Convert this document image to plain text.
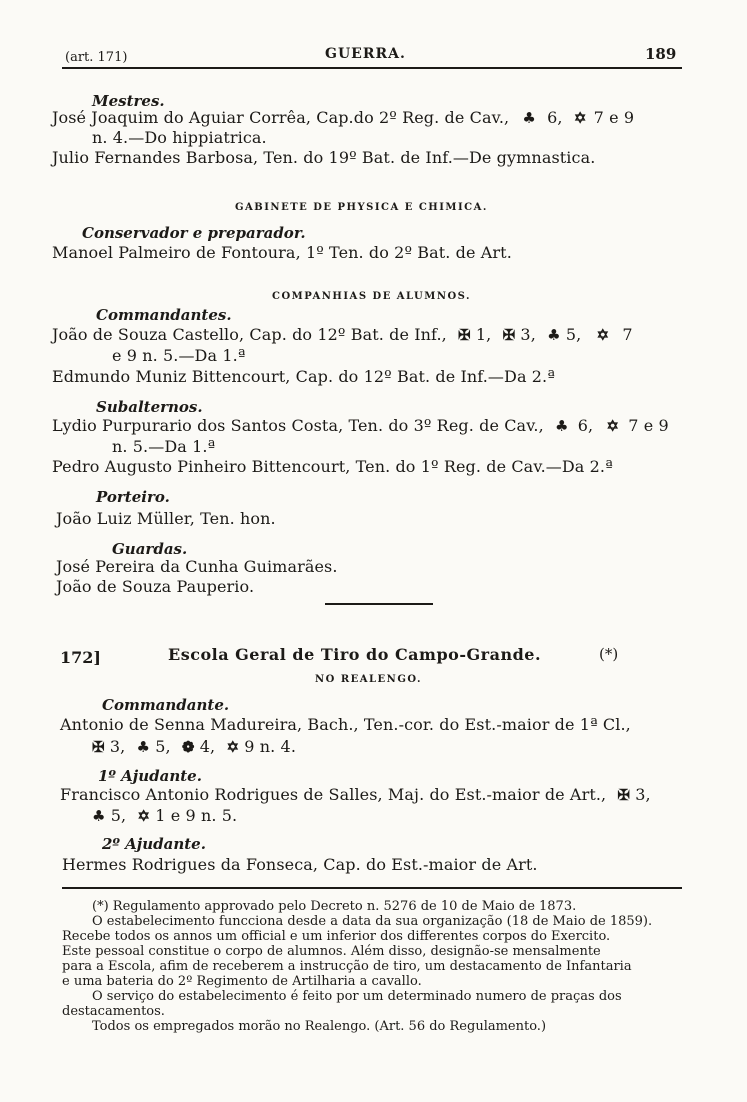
(art. 171)	GUERRA.	189
Mestres.
José Joaquim do Aguiar Corrêa, Cap.do 2º Reg. de Cav., ♣ 6, ✡ 7 e 9
n. 4.—Do hippiatrica.
Julio Fernandes Barbosa, Ten. do 19º Bat. de Inf.—De gymnastica.
GABINETE DE PHYSICA E CHIMICA.
Conservador e preparador.
Manoel Palmeiro de Fontoura, 1º Ten. do 2º Bat. de Art.
COMPANHIAS DE ALUMNOS.
Commandantes.
João de Souza Castello, Cap. do 12º Bat. de Inf., ✠ 1, ✠ 3, ♣ 5, ✡ 7
e 9 n. 5.—Da 1.ª
Edmundo Muniz Bittencourt, Cap. do 12º Bat. de Inf.—Da 2.ª
Subalternos.
Lydio Purpurario dos Santos Costa, Ten. do 3º Reg. de Cav., ♣ 6, ✡ 7 e 9
n. 5.—Da 1.ª
Pedro Augusto Pinheiro Bittencourt, Ten. do 1º Reg. de Cav.—Da 2.ª
Porteiro.
João Luiz Müller, Ten. hon.
Guardas.
José Pereira da Cunha Guimarães.
João de Souza Pauperio.
172]	Escola Geral de Tiro do Campo-Grande.	(*)
NO REALENGO.
Commandante.
Antonio de Senna Madureira, Bach., Ten.-cor. do Est.-maior de 1ª Cl.,
✠ 3, ♣ 5, ❁ 4, ✡ 9 n. 4.
1º Ajudante.
Francisco Antonio Rodrigues de Salles, Maj. do Est.-maior de Art., ✠ 3,
♣ 5, ✡ 1 e 9 n. 5.
2º Ajudante.
Hermes Rodrigues da Fonseca, Cap. do Est.-maior de Art.
(*) Regulamento approvado pelo Decreto n. 5276 de 10 de Maio de 1873.
O estabelecimento funcciona desde a data da sua organização (18 de Maio de 1859).
Recebe todos os annos um official e um inferior dos differentes corpos do Exercito.
Este pessoal constitue o corpo de alumnos. Além disso, designão-se mensalmente
para a Escola, afim de receberem a instrucção de tiro, um destacamento de Infantaria
e uma bateria do 2º Regimento de Artilharia a cavallo.
O serviço do estabelecimento é feito por um determinado numero de praças dos
destacamentos.
Todos os empregados morão no Realengo. (Art. 56 do Regulamento.)
